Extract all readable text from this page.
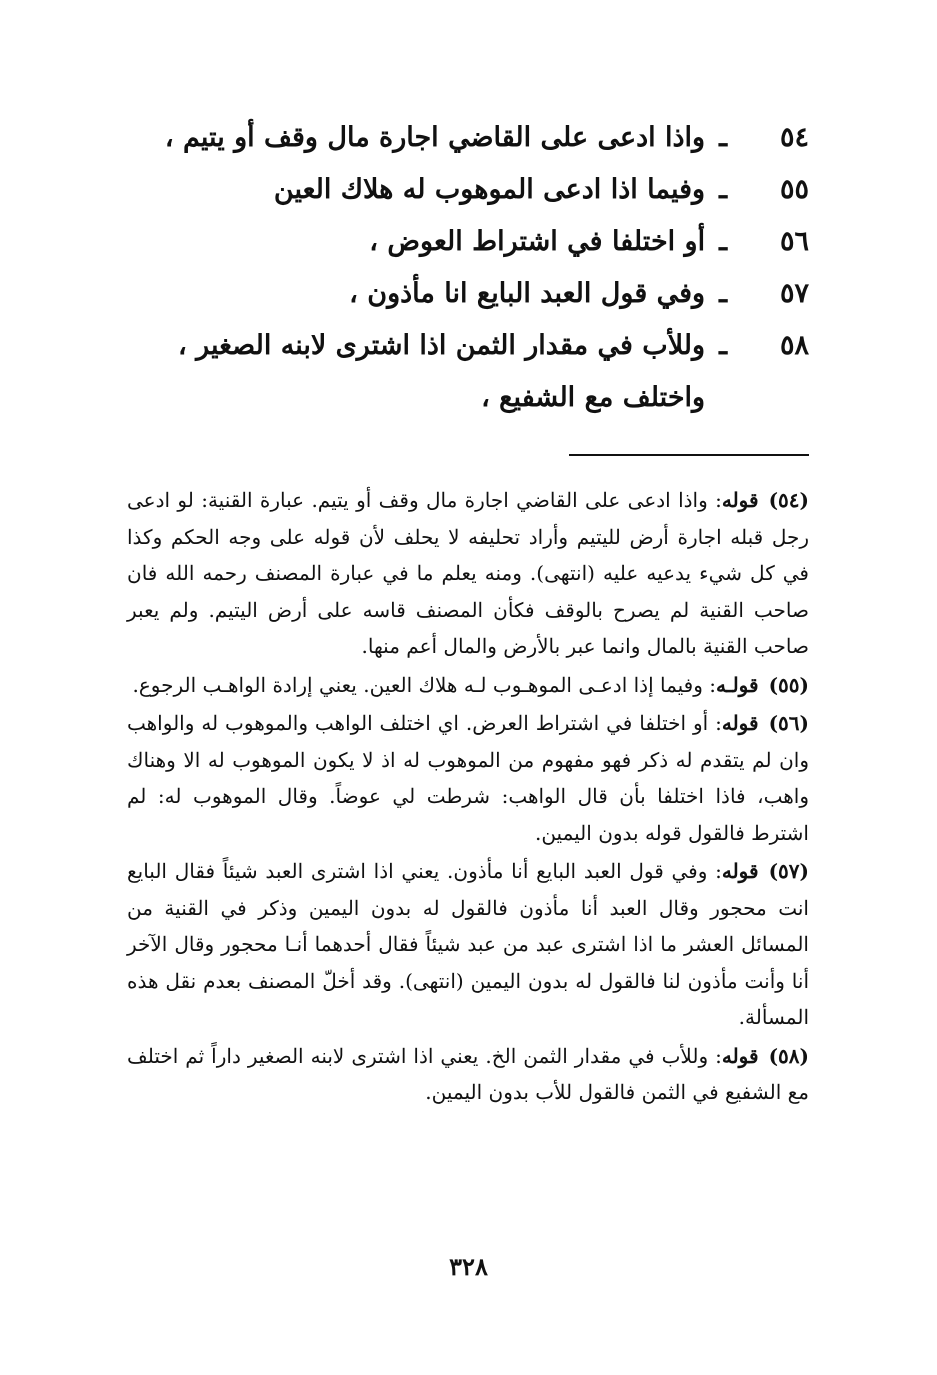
٥٤
ـ
واذا ادعى على القاضي اجارة مال وقف أو يتيم ،
٥٥
ـ
وفيما اذا ادعى الموهوب له هلاك العين
٥٦
ـ
أو اختلفا في اشتراط العوض ،
٥٧
ـ
وفي قول العبد البايع انا مأذون ،
٥٨
ـ
وللأب في مقدار الثمن اذا اشترى لابنه الصغير ، واختلف مع الشفيع ،

(٥٤)قوله: واذا ادعى على القاضي اجارة مال وقف أو يتيم. عبارة القنية: لو ادعى رجل قبله اجارة أرض لليتيم وأراد تحليفه لا يحلف لأن قوله على وجه الحكم وكذا في كل شيء يدعيه عليه (انتهى). ومنه يعلم ما في عبارة المصنف رحمه الله فان صاحب القنية لم يصرح بالوقف فكأن المصنف قاسه على أرض اليتيم. ولم يعبر صاحب القنية بالمال وانما عبر بالأرض والمال أعم منها.

(٥٥)قولـه: وفيما إذا ادعـى الموهـوب لـه هلاك العين. يعني إرادة الواهـب الرجوع.

(٥٦)قوله: أو اختلفا في اشتراط العرض. اي اختلف الواهب والموهوب له والواهب وان لم يتقدم له ذكر فهو مفهوم من الموهوب له اذ لا يكون الموهوب له الا وهناك واهب، فاذا اختلفا بأن قال الواهب: شرطت لي عوضاً. وقال الموهوب له: لم اشترط فالقول قوله بدون اليمين.

(٥٧)قوله: وفي قول العبد البايع أنا مأذون. يعني اذا اشترى العبد شيئاً فقال البايع انت محجور وقال العبد أنا مأذون فالقول له بدون اليمين وذكر في القنية من المسائل العشر ما اذا اشترى عبد من عبد شيئاً فقال أحدهما أنـا محجور وقال الآخر أنا وأنت مأذون لنا فالقول له بدون اليمين (انتهى). وقد أخلّ المصنف بعدم نقل هذه المسألة.

(٥٨)قوله: وللأب في مقدار الثمن الخ. يعني اذا اشترى لابنه الصغير داراً ثم اختلف مع الشفيع في الثمن فالقول للأب بدون اليمين.

٣٢٨
